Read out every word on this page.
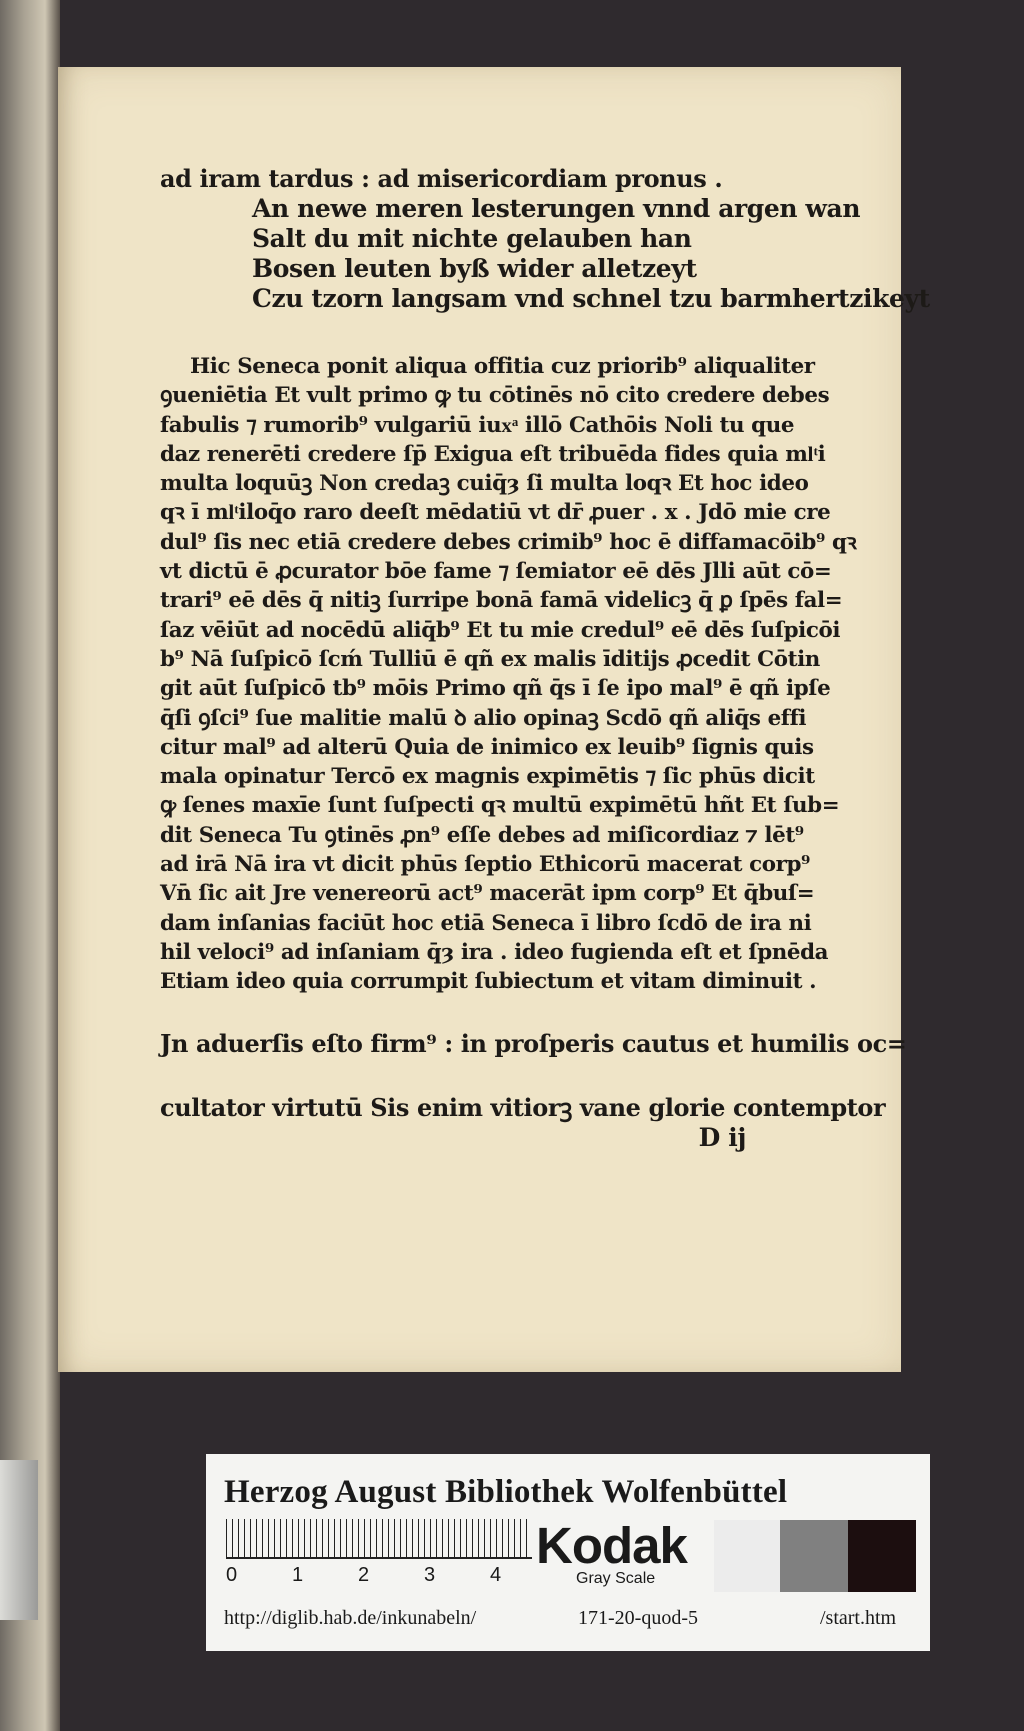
ad iram tardus : ad misericordiam pronus .
An newe meren lesterungen vnnd argen wan
Salt du mit nichte gelauben han
Bosen leuten byß wider alletzeyt
Czu tzorn langsam vnd schnel tzu barmhertzikeyt
Hic Seneca ponit aliqua offitia cuz priorib⁹ aliqualiter
ꝯueniētia Et vult primo ꝙ tu cōtinēs nō cito credere debes
fabulis ⁊ rumorib⁹ vulgariū iuxͣ illō Cathōis Noli tu que
daz renerēti credere ſp̄ Exigua eſt tribuēda fides quia mlͭi
multa loquūꝫ Non credaꝫ cuiq̄ȝ ſi multa loqꝛ Et hoc ideo
qꝛ ī mlͭiloq̄o raro deeſt mēdatiū vt dr̄ ꝓuer . x . Jdō mie cre
dul⁹ ſis nec etiā credere debes crimib⁹ hoc ē diffamacōib⁹ qꝛ
vt dictū ē ꝓcurator bōe fame ⁊ ſemiator eē dēs Jlli aūt cō=
trari⁹ eē dēs q̄ nitiꝫ ſurripe bonā famā videlicꝫ q̄ ꝑ ſpēs fal=
ſaz vēiūt ad nocēdū aliq̄b⁹ Et tu mie credul⁹ eē dēs ſuſpicōi
b⁹ Nā ſuſpicō ſcḿ Tulliū ē qñ ex malis īditijs ꝓcedit Cōtin
git aūt ſuſpicō tb⁹ mōis Primo qñ q̄s ī ſe ipo mal⁹ ē qñ ipſe
q̄ſi ꝯſci⁹ ſue malitie malū ꝺ alio opinaꝫ Scdō qñ aliq̄s effi
citur mal⁹ ad alterū Quia de inimico ex leuib⁹ ſignis quis
mala opinatur Tercō ex magnis expimētis ⁊ ſic phūs dicit
ꝙ ſenes maxīe ſunt ſuſpecti qꝛ multū expimētū hñt Et ſub=
dit Seneca Tu ꝯtinēs ꝓn⁹ eſſe debes ad miſicordiaz ⁊ lēt⁹
ad irā Nā ira vt dicit phūs ſeptio Ethicorū macerat corp⁹
Vn̄ ſic ait Jre venereorū act⁹ macerāt ipm corp⁹ Et q̄buſ=
dam inſanias faciūt hoc etiā Seneca ī libro ſcdō de ira ni
hil veloci⁹ ad inſaniam q̄ȝ ira . ideo fugienda eſt et ſpnēda
Etiam ideo quia corrumpit ſubiectum et vitam diminuit .
Jn aduerſis eſto firm⁹ : in proſperis cautus et humilis oc=
cultator virtutū Sis enim vitiorꝫ vane glorie contemptor
D ij
Herzog August Bibliothek Wolfenbüttel
0	1	2	3	4
Kodak
Gray Scale
http://diglib.hab.de/inkunabeln/	171-20-quod-5	/start.htm
